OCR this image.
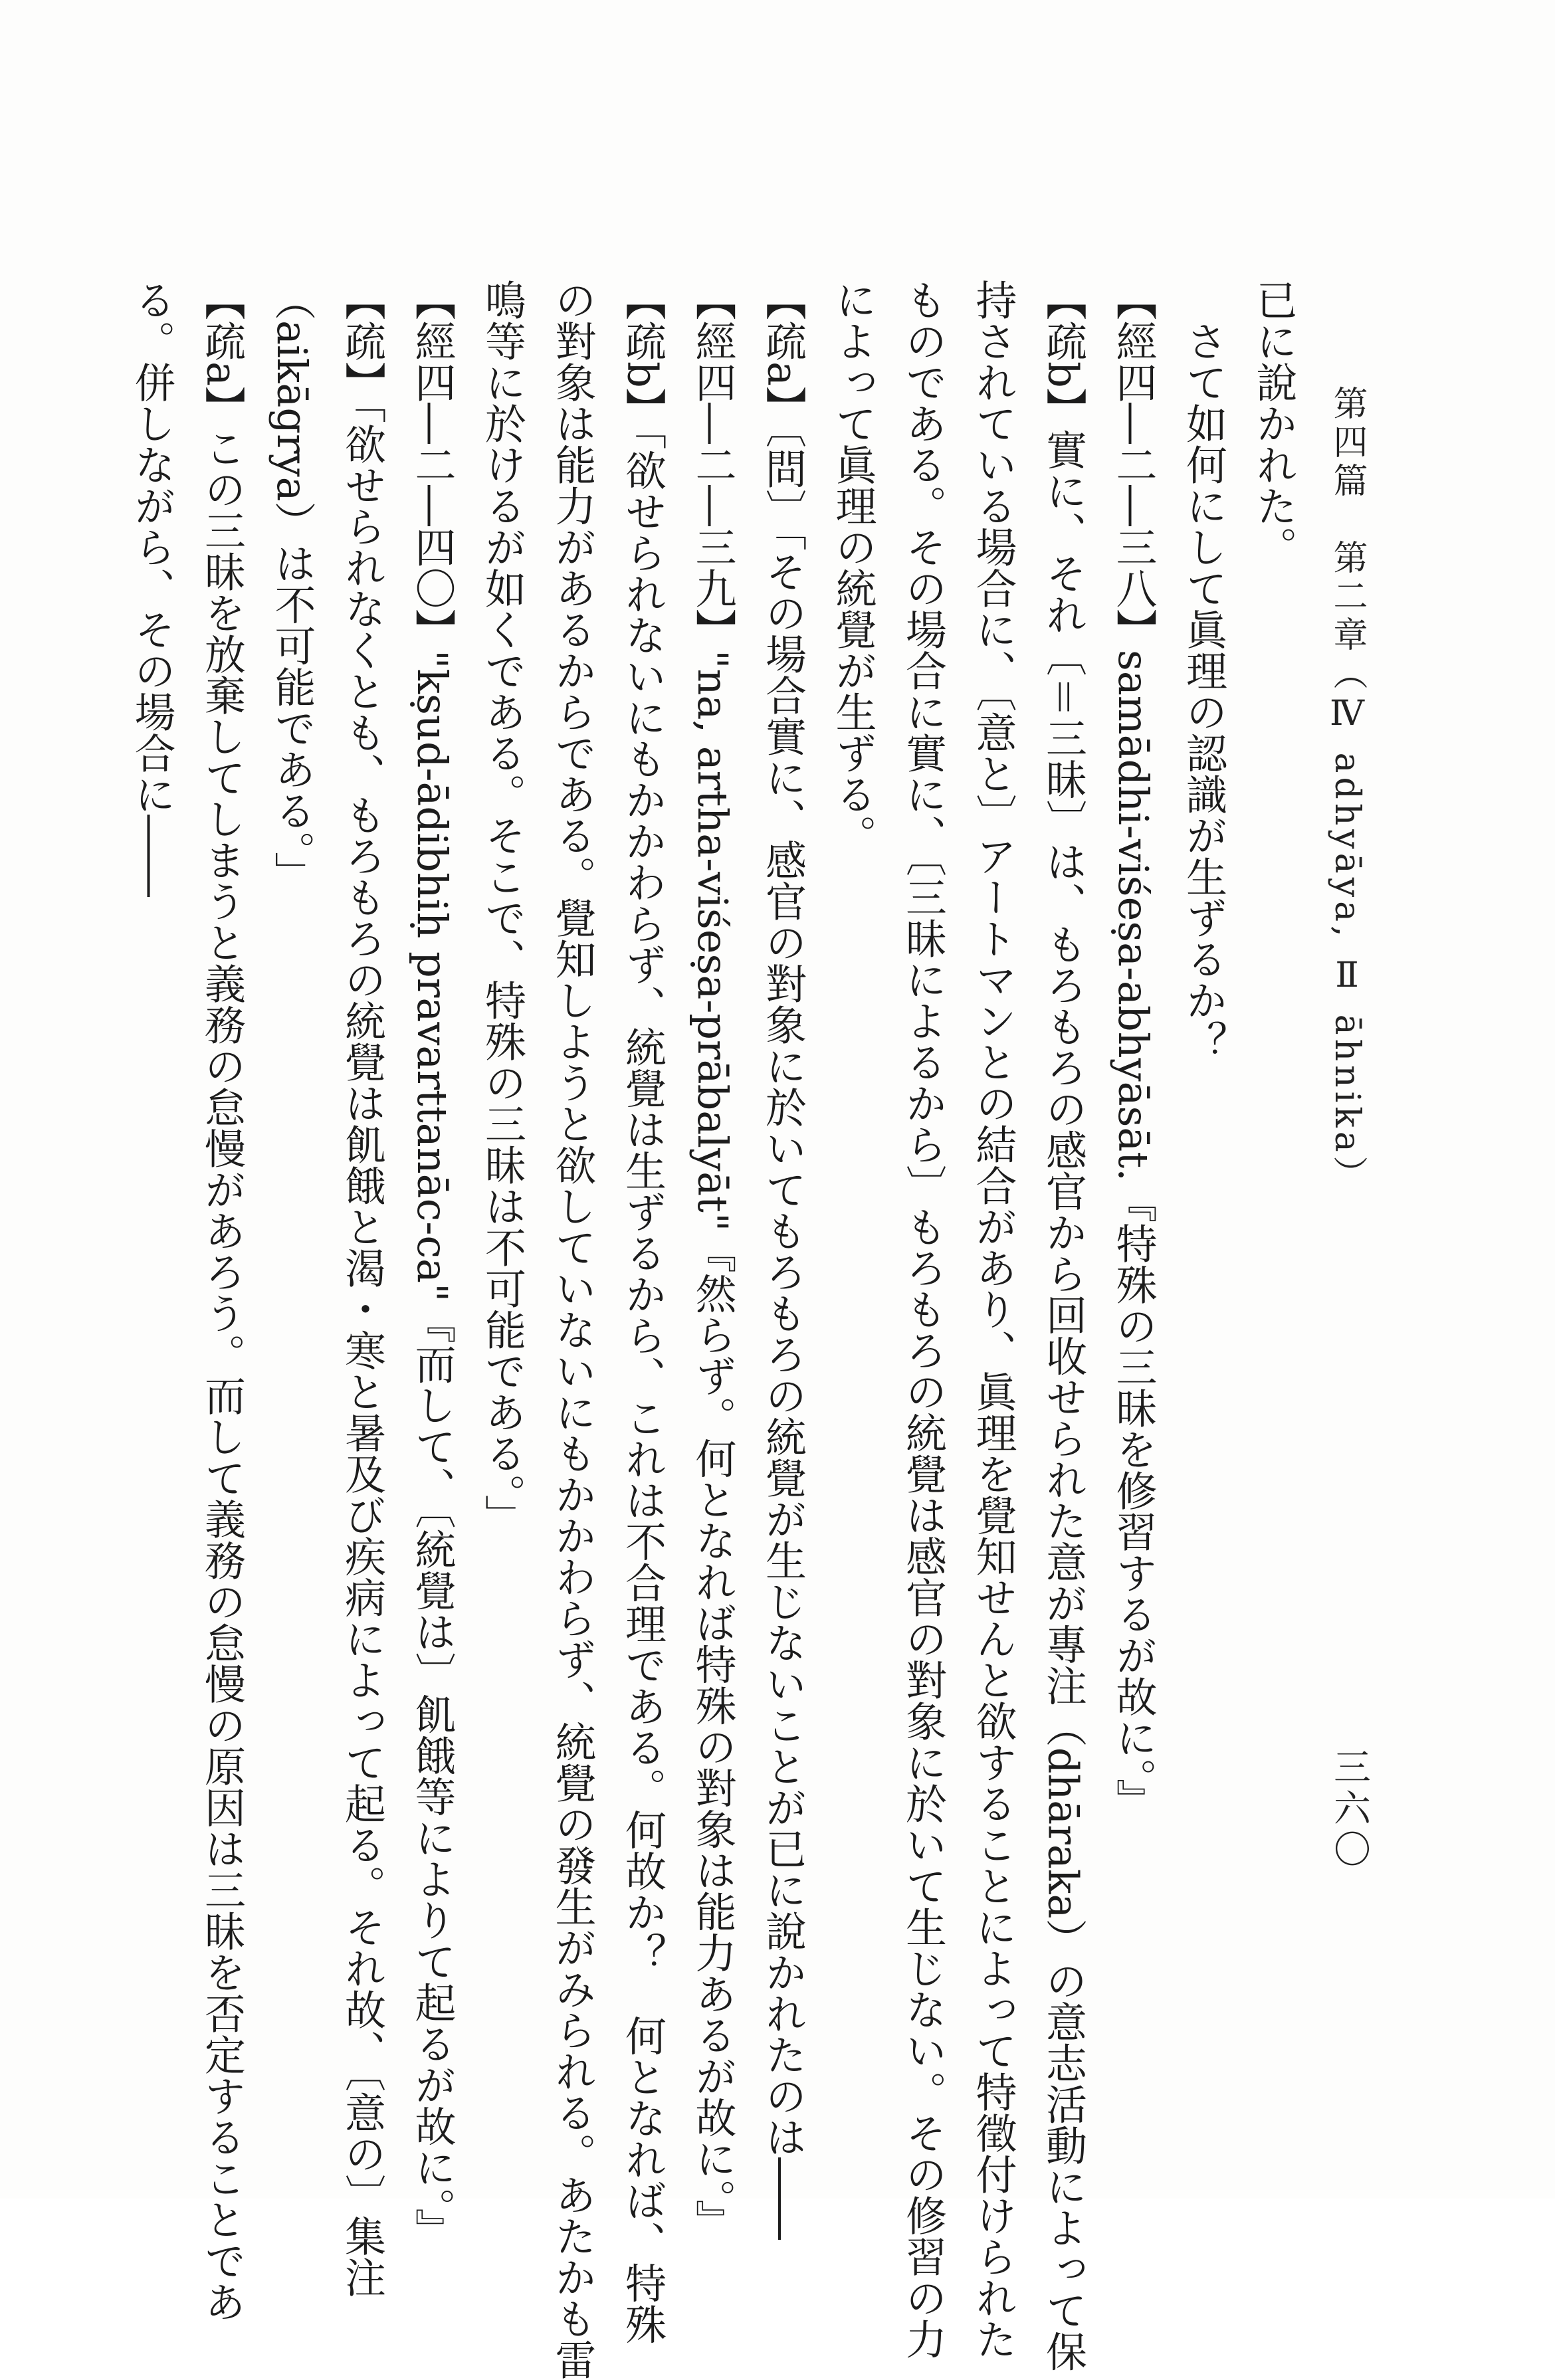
第四篇　第二章（Ⅳ adhyāya, Ⅱ āhnika）
三六〇
已に說かれた。
さて如何にして眞理の認識が生ずるか？
【經四―二―三八】samādhi-viśeṣa-abhyāsāt.『特殊の三昧を修習するが故に。』
【疏b】實に、それ〔＝三昧〕は、もろもろの感官から回收せられた意が專注（dhāraka）の意志活動によって保
持されている場合に、〔意と〕アートマンとの結合があり、眞理を覺知せんと欲することによって特徵付けられた
ものである。その場合に實に、〔三昧によるから〕もろもろの統覺は感官の對象に於いて生じない。その修習の力
によって眞理の統覺が生ずる。
【疏a】〔問〕「その場合實に、感官の對象に於いてもろもろの統覺が生じないことが已に說かれたのは――
【經四―二―三九】"na, artha-viśeṣa-prābalyāt"『然らず。何となれば特殊の對象は能力あるが故に。』
【疏b】「欲せられないにもかかわらず、統覺は生ずるから、これは不合理である。何故か？　何となれば、特殊
の對象は能力があるからである。覺知しようと欲していないにもかかわらず、統覺の發生がみられる。あたかも雷
鳴等に於けるが如くである。そこで、特殊の三昧は不可能である。」
【經四―二―四〇】"kṣud-ādibhiḥ pravarttanāc-ca"『而して、〔統覺は〕飢餓等によりて起るが故に。』
【疏】「欲せられなくとも、もろもろの統覺は飢餓と渴・寒と暑及び疾病によって起る。それ故、〔意の〕集注
（aikāgrya）は不可能である。」
【疏a】この三昧を放棄してしまうと義務の怠慢があろう。而して義務の怠慢の原因は三昧を否定することであ
る。併しながら、その場合に――
